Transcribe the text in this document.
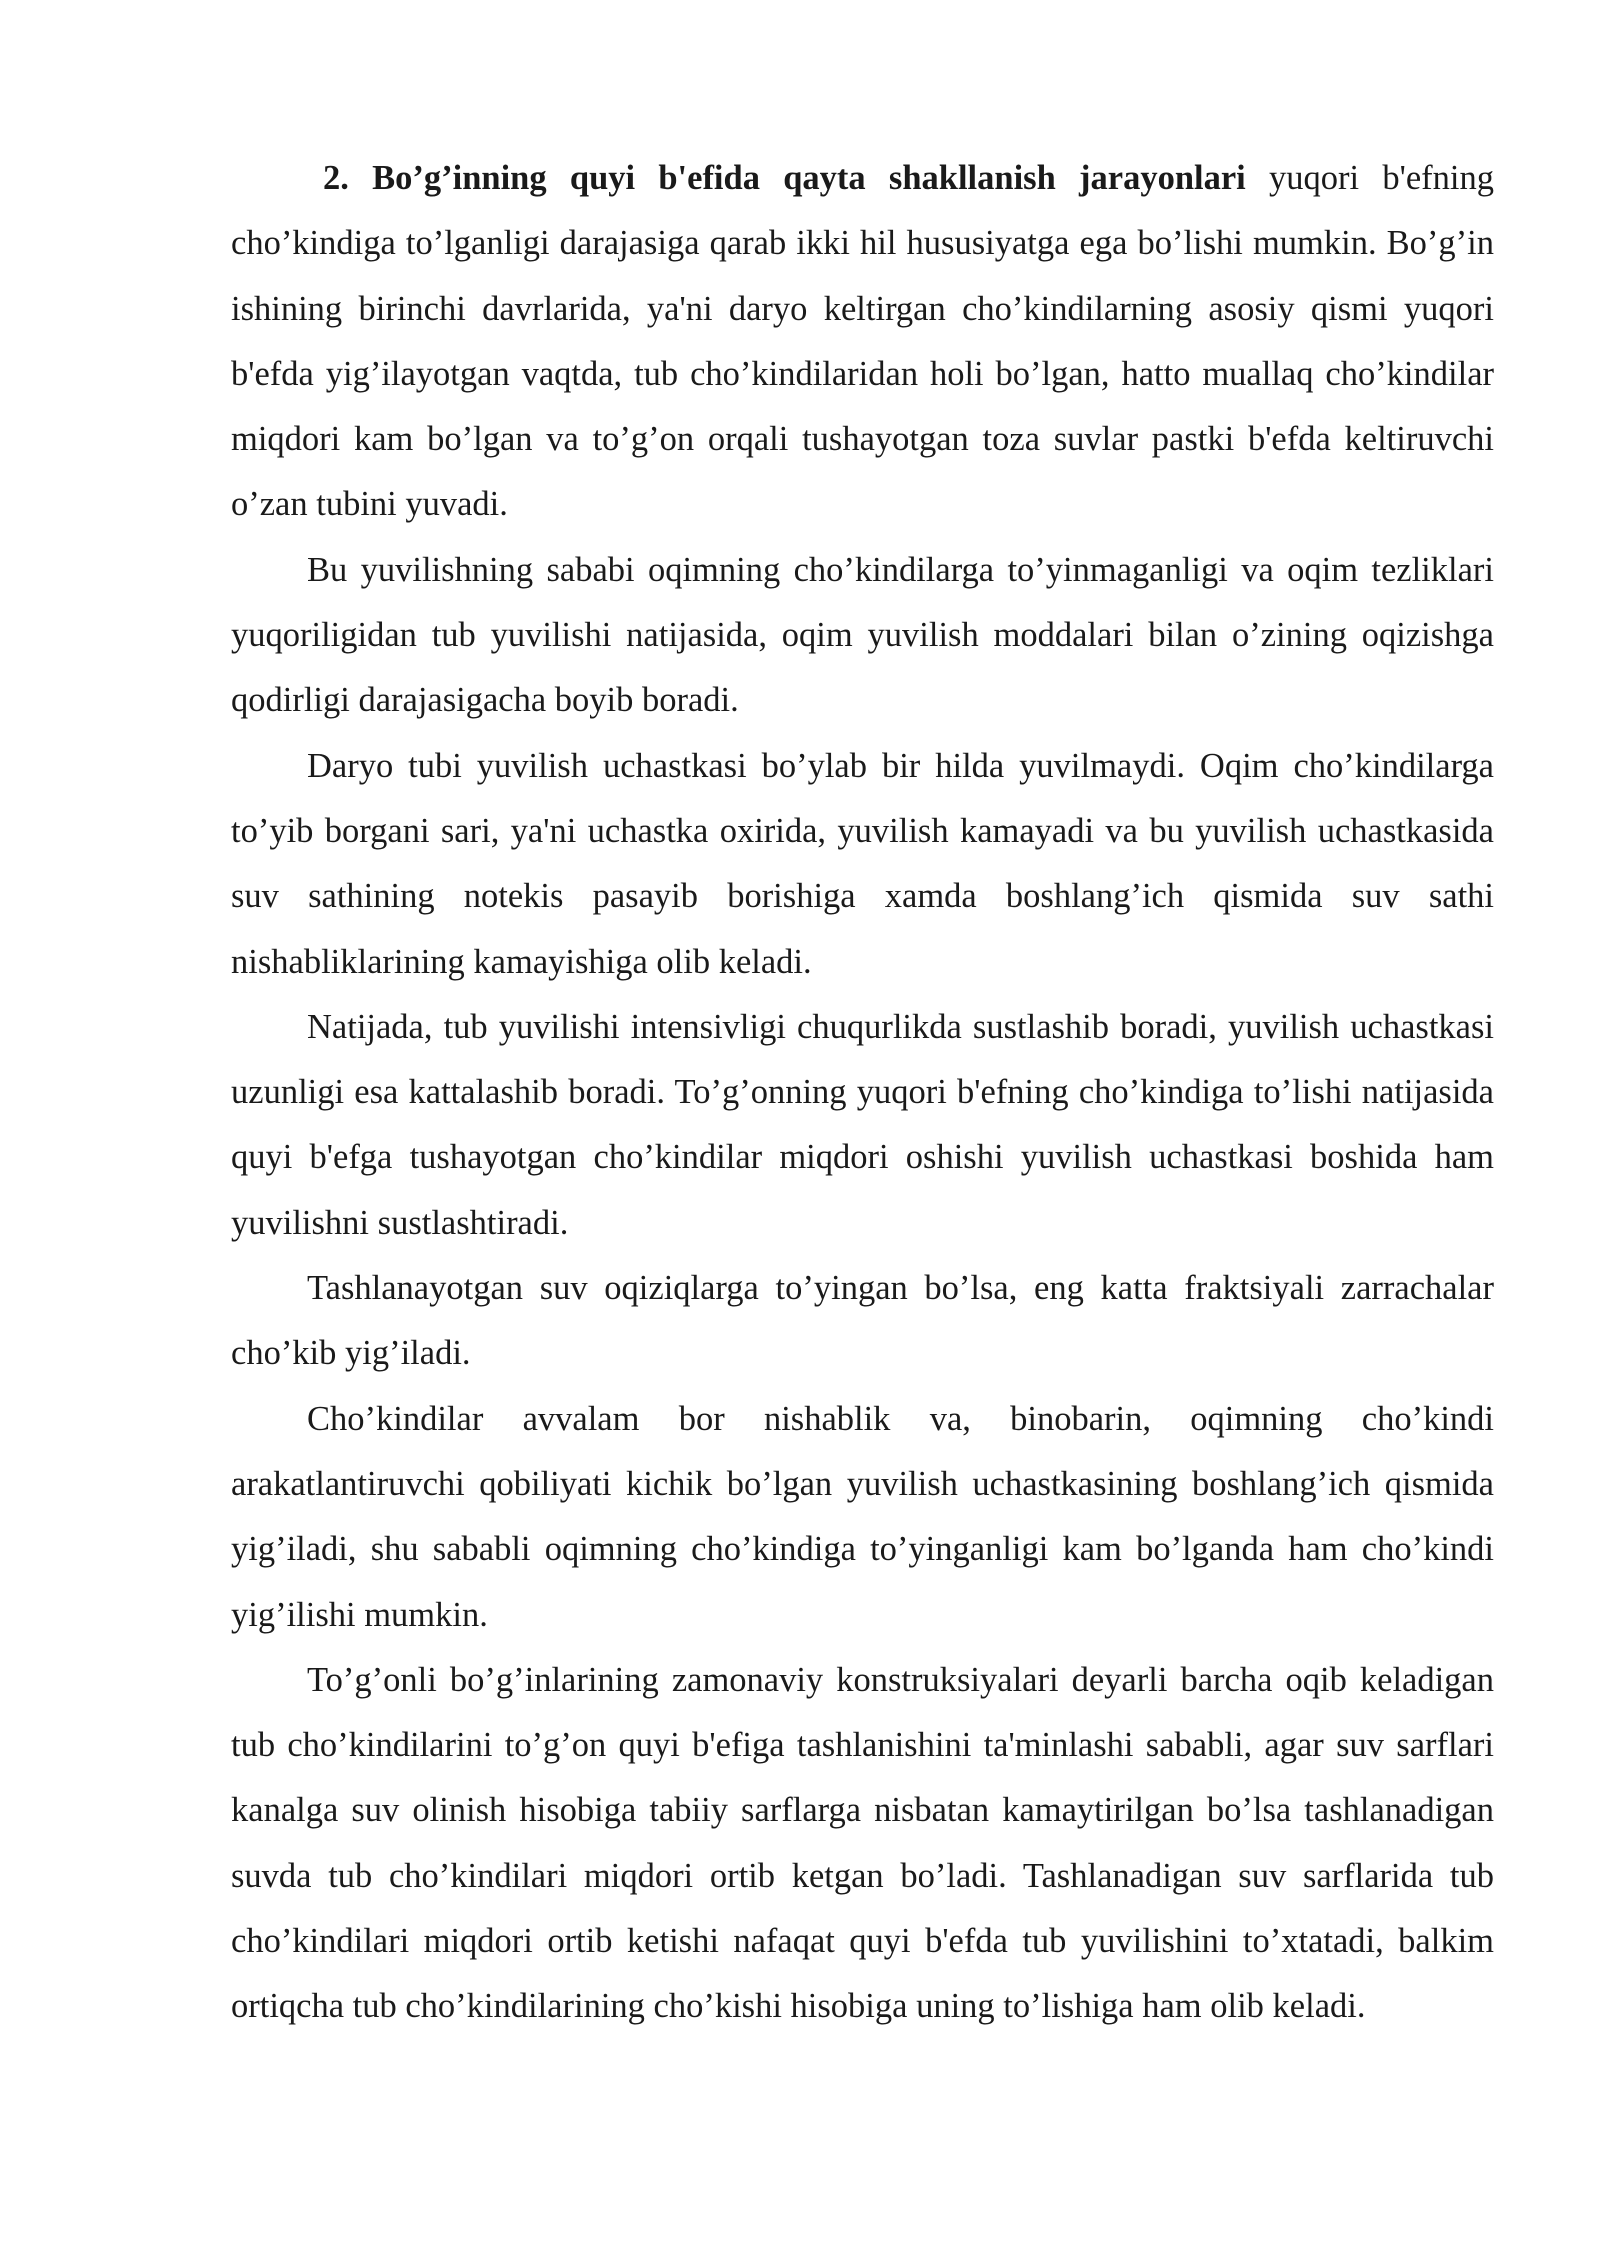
2. Bo’g’inning quyi b'efida qayta shakllanish jarayonlari yuqori b'efning cho’kindiga to’lganligi darajasiga qarab ikki hil hususiyatga ega bo’lishi mumkin. Bo’g’in ishining birinchi davrlarida, ya'ni daryo keltirgan cho’kindilarning asosiy qismi yuqori b'efda yig’ilayotgan vaqtda, tub cho’kindilaridan holi bo’lgan, hatto muallaq cho’kindilar miqdori kam bo’lgan va to’g’on orqali tushayotgan toza suvlar pastki b'efda keltiruvchi o’zan tubini yuvadi.

Bu yuvilishning sababi oqimning cho’kindilarga to’yinmaganligi va oqim tezliklari yuqoriligidan tub yuvilishi natijasida, oqim yuvilish moddalari bilan o’zining oqizishga qodirligi darajasigacha boyib boradi.

Daryo tubi yuvilish uchastkasi bo’ylab bir hilda yuvilmaydi. Oqim cho’kindilarga to’yib borgani sari, ya'ni uchastka oxirida, yuvilish kamayadi va bu yuvilish uchastkasida suv sathining notekis pasayib borishiga xamda boshlang’ich qismida suv sathi nishabliklarining kamayishiga olib keladi.

Natijada, tub yuvilishi intensivligi chuqurlikda sustlashib boradi, yuvilish uchastkasi uzunligi esa kattalashib boradi. To’g’onning yuqori b'efning cho’kindiga to’lishi natijasida quyi b'efga tushayotgan cho’kindilar miqdori oshishi yuvilish uchastkasi boshida ham yuvilishni sustlashtiradi.

Tashlanayotgan suv oqiziqlarga to’yingan bo’lsa, eng katta fraktsiyali zarrachalar cho’kib yig’iladi.

Cho’kindilar avvalam bor nishablik va, binobarin, oqimning cho’kindi arakatlantiruvchi qobiliyati kichik bo’lgan yuvilish uchastkasining boshlang’ich qismida yig’iladi, shu sababli oqimning cho’kindiga to’yinganligi kam bo’lganda ham cho’kindi yig’ilishi mumkin.

To’g’onli bo’g’inlarining zamonaviy konstruksiyalari deyarli barcha oqib keladigan tub cho’kindilarini to’g’on quyi b'efiga tashlanishini ta'minlashi sababli, agar suv sarflari kanalga suv olinish hisobiga tabiiy sarflarga nisbatan kamaytirilgan bo’lsa tashlanadigan suvda tub cho’kindilari miqdori ortib ketgan bo’ladi. Tashlanadigan suv sarflarida tub cho’kindilari miqdori ortib ketishi nafaqat quyi b'efda tub yuvilishini to’xtatadi, balkim ortiqcha tub cho’kindilarining cho’kishi hisobiga uning to’lishiga ham olib keladi.
